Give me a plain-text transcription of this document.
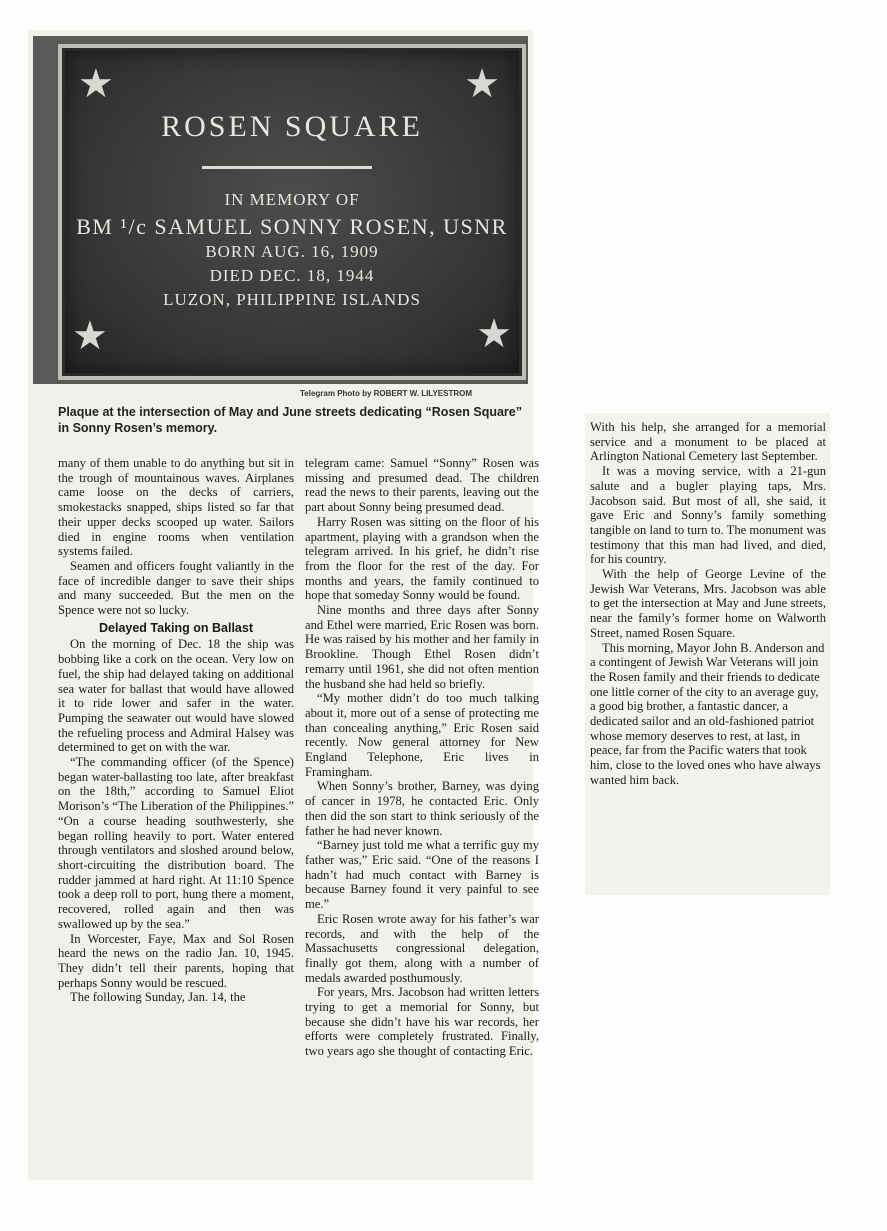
★	★
★	★
ROSEN SQUARE
IN MEMORY OF
BM ¹/c SAMUEL SONNY ROSEN, USNR
BORN AUG. 16, 1909
DIED DEC. 18, 1944
LUZON, PHILIPPINE ISLANDS
Telegram Photo by ROBERT W. LILYESTROM
Plaque at the intersection of May and June streets dedicating “Rosen Square” in Sonny Rosen’s memory.

many of them unable to do anything but sit in the trough of mountainous waves. Airplanes came loose on the decks of carriers, smokestacks snapped, ships listed so far that their upper decks scooped up water. Sailors died in engine rooms when ventilation systems failed.

Seamen and officers fought valiantly in the face of incredible danger to save their ships and many succeeded. But the men on the Spence were not so lucky.

Delayed Taking on Ballast

On the morning of Dec. 18 the ship was bobbing like a cork on the ocean. Very low on fuel, the ship had delayed taking on additional sea water for ballast that would have allowed it to ride lower and safer in the water. Pumping the seawater out would have slowed the refueling process and Admiral Halsey was determined to get on with the war.

“The commanding officer (of the Spence) began water-ballasting too late, after breakfast on the 18th,” according to Samuel Eliot Morison’s “The Liberation of the Philippines.” “On a course heading southwesterly, she began rolling heavily to port. Water entered through ventilators and sloshed around below, short-circuiting the distribution board. The rudder jammed at hard right. At 11:10 Spence took a deep roll to port, hung there a moment, recovered, rolled again and then was swallowed up by the sea.”

In Worcester, Faye, Max and Sol Rosen heard the news on the radio Jan. 10, 1945. They didn’t tell their parents, hoping that perhaps Sonny would be rescued.

The following Sunday, Jan. 14, the

telegram came: Samuel “Sonny” Rosen was missing and presumed dead. The children read the news to their parents, leaving out the part about Sonny being presumed dead.

Harry Rosen was sitting on the floor of his apartment, playing with a grandson when the telegram arrived. In his grief, he didn’t rise from the floor for the rest of the day. For months and years, the family continued to hope that someday Sonny would be found.

Nine months and three days after Sonny and Ethel were married, Eric Rosen was born. He was raised by his mother and her family in Brookline. Though Ethel Rosen didn’t remarry until 1961, she did not often mention the husband she had held so briefly.

“My mother didn’t do too much talking about it, more out of a sense of protecting me than concealing anything,” Eric Rosen said recently. Now general attorney for New England Telephone, Eric lives in Framingham.

When Sonny’s brother, Barney, was dying of cancer in 1978, he contacted Eric. Only then did the son start to think seriously of the father he had never known.

“Barney just told me what a terrific guy my father was,” Eric said. “One of the reasons I hadn’t had much contact with Barney is because Barney found it very painful to see me.”

Eric Rosen wrote away for his father’s war records, and with the help of the Massachusetts congressional delegation, finally got them, along with a number of medals awarded posthumously.

For years, Mrs. Jacobson had written letters trying to get a memorial for Sonny, but because she didn’t have his war records, her efforts were completely frustrated. Finally, two years ago she thought of contacting Eric.

With his help, she arranged for a memorial service and a monument to be placed at Arlington National Cemetery last September.

It was a moving service, with a 21-gun salute and a bugler playing taps, Mrs. Jacobson said. But most of all, she said, it gave Eric and Sonny’s family something tangible on land to turn to. The monument was testimony that this man had lived, and died, for his country.

With the help of George Levine of the Jewish War Veterans, Mrs. Jacobson was able to get the intersection at May and June streets, near the family’s former home on Walworth Street, named Rosen Square.

This morning, Mayor John B. Anderson and a contingent of Jewish War Veterans will join the Rosen family and their friends to dedicate one little corner of the city to an average guy, a good big brother, a fantastic dancer, a dedicated sailor and an old-fashioned patriot whose memory deserves to rest, at last, in peace, far from the Pacific waters that took him, close to the loved ones who have always wanted him back.
